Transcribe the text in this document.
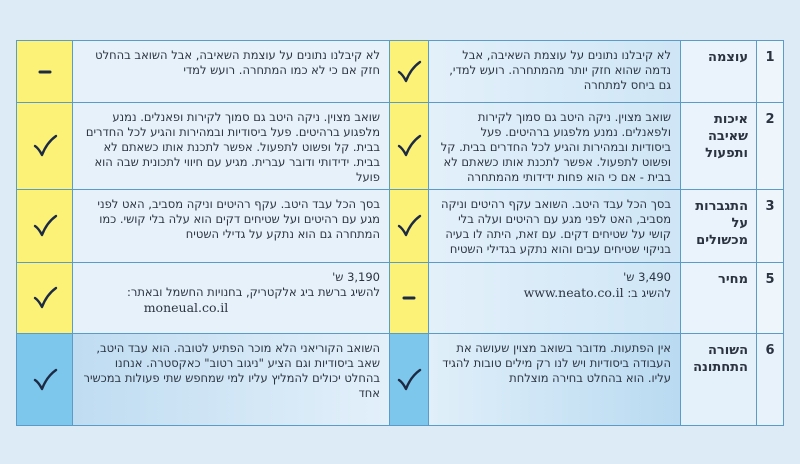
לא קיבלנו נתונים על עוצמת השאיבה, אבל השואב בהחלט חזק אם כי לא כמו המתחרה. רועש למדי
לא קיבלנו נתונים על עוצמת השאיבה, אבל נדמה שהוא חזק יותר מהמתחרה. רועש למדי, גם ביחס למתחרה
עוצמה	1
שואב מצוין. ניקה היטב גם סמוך לקירות ופאנלים. נמנע מלפגוע ברהיטים. פעל ביסודיות ובמהירות והגיע לכל החדרים בבית. קל ופשוט לתפעול. אפשר לתכנת אותו כשאתם לא בבית. ידידותי ודובר עברית. מגיע עם חיווי לתכונית שבה הוא פועל
שואב מצוין. ניקה היטב גם סמוך לקירות ולפאנלים. נמנע מלפגוע ברהיטים. פעל ביסודיות ובמהירות והגיע לכל החדרים בבית. קל ופשוט לתפעול. אפשר לתכנת אותו כשאתם לא בבית - אם כי הוא פחות ידידותי מהמתחרה
איכות שאיבה ותפעול
2
בסך הכל עבד היטב. עקף רהיטים וניקה מסביב, האט לפני מגע עם רהיטים ועל שטיחים דקים הוא עלה בלי קושי. כמו המתחרה גם הוא נתקע על גדילי השטיח
בסך הכל עבד היטב. השואב עקף רהיטים וניקה מסביב, האט לפני מגע עם רהיטים ועלה בלי קושי על שטיחים דקים. עם זאת, היתה לו בעיה בניקוי שטיחים עבים והוא נתקע בגדילי השטיח
התגברות על מכשולים
3
3,190 ש'
להשיג ברשת ביג אלקטריק, בחנויות החשמל ובאתר:
moneual.co.il
3,490 ש'
להשיג ב: www.neato.co.il
מחיר	5
השואב הקוריאני הלא מוכר הפתיע לטובה. הוא עבד היטב, שאב ביסודיות וגם הציע "ניגוב רטוב" כאקסטרה. אנחנו בהחלט יכולים להמליץ עליו למי שמחפש שתי פעולות במכשיר אחד
אין הפתעות. מדובר בשואב מצוין שעושה את העבודה ביסודיות ויש לנו רק מילים טובות להגיד עליו. הוא בהחלט בחירה מוצלחת
השורה התחתונה
6
